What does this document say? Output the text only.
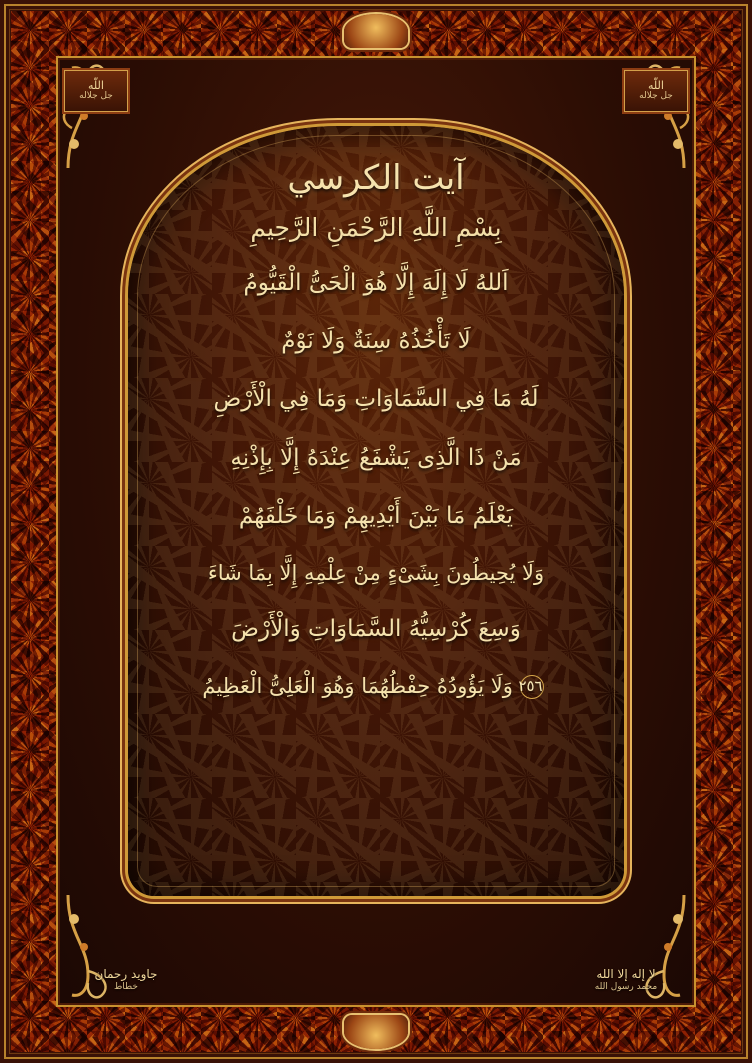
اللّه
جل جلاله
اللّه
جل جلاله
جاويد رحمان
خطاط
لا إله إلا الله
محمد رسول الله
آيت الكرسي
بِسْمِ اللَّهِ الرَّحْمَنِ الرَّحِيمِ
اَللهُ لَا إِلَهَ إِلَّا هُوَ الْحَىُّ الْقَيُّومُ
لَا تَأْخُذُهُ سِنَةٌ وَلَا نَوْمٌ
لَهُ مَا فِي السَّمَاوَاتِ وَمَا فِي الْأَرْضِ
مَنْ ذَا الَّذِى يَشْفَعُ عِنْدَهُ إِلَّا بِإِذْنِهِ
يَعْلَمُ مَا بَيْنَ أَيْدِيهِمْ وَمَا خَلْفَهُمْ
وَلَا يُحِيطُونَ بِشَىْءٍ مِنْ عِلْمِهِ إِلَّا بِمَا شَاءَ
وَسِعَ كُرْسِيُّهُ السَّمَاوَاتِ وَالْأَرْضَ
٢٥٦ وَلَا يَؤُودُهُ حِفْظُهُمَا وَهُوَ الْعَلِىُّ الْعَظِيمُ
